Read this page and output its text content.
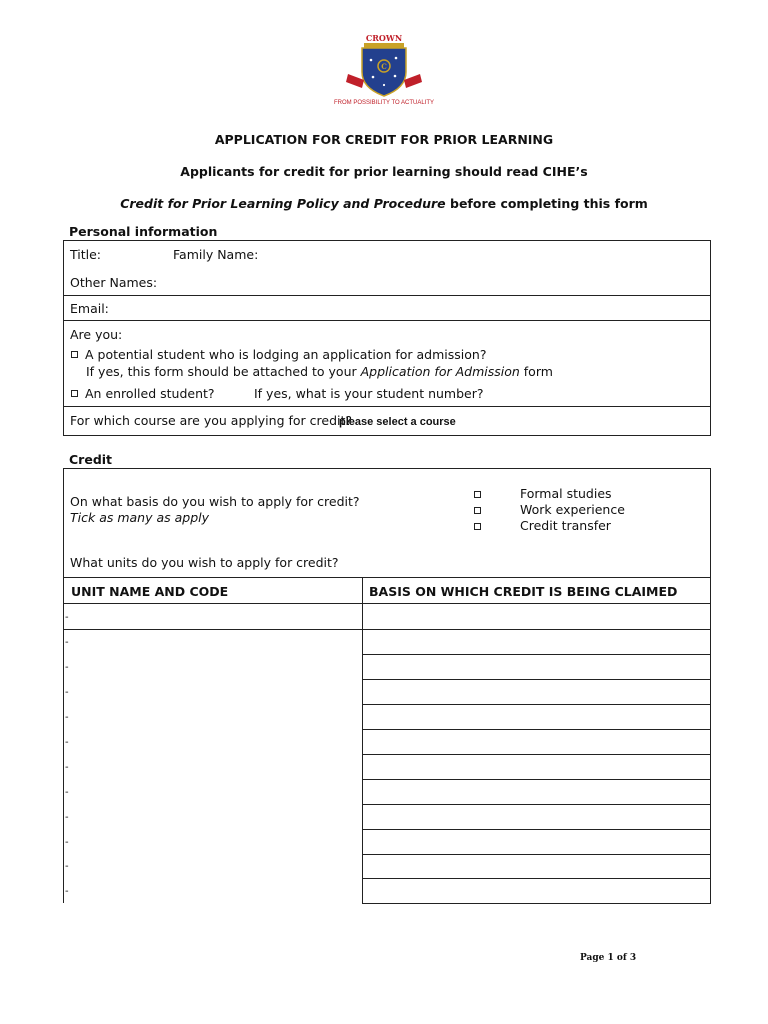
CROWN
C
FROM POSSIBILITY TO ACTUALITY
APPLICATION FOR CREDIT FOR PRIOR LEARNING
Applicants for credit for prior learning should read CIHE’s
Credit for Prior Learning Policy and Procedure before completing this form
Personal information
Title:	Family Name:
Other Names:
Email:
Are you:
A potential student who is lodging an application for admission?
If yes, this form should be attached to your Application for Admission form
An enrolled student?	If yes, what is your student number?
For which course are you applying for credit?
please select a course
Credit
On what basis do you wish to apply for credit?
Tick as many as apply
Formal studies
Work experience
Credit transfer
What units do you wish to apply for credit?
UNIT NAME AND CODE	BASIS ON WHICH CREDIT IS BEING CLAIMED
-
-
-
-
-
-
-
-
-
-
-
-
Page 1 of 3
